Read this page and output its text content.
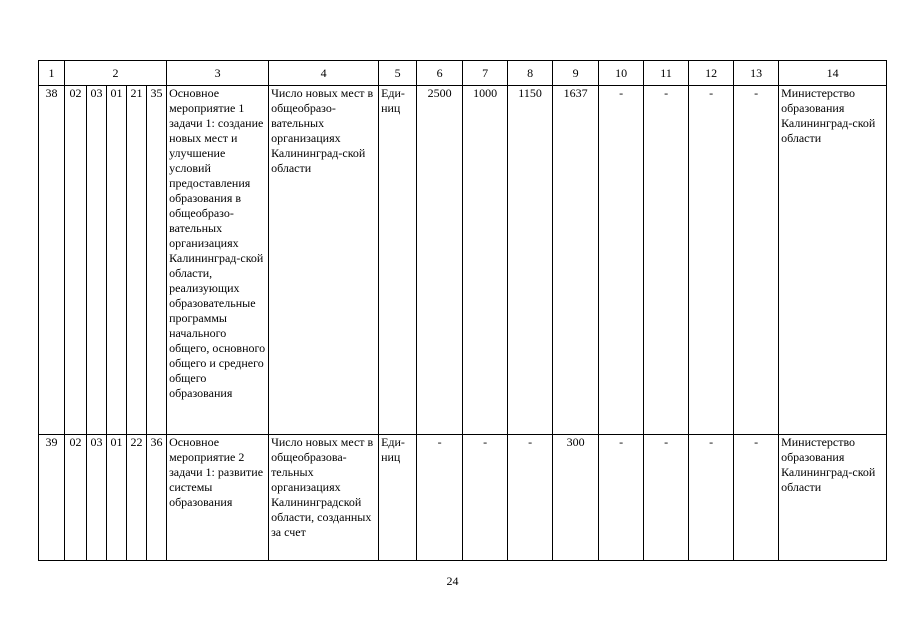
1	2					3	4	5	6	7	8	9	10	11	12	13	14
38	02	03	01	21	35	Основное мероприятие 1 задачи 1: создание новых мест и улучшение условий предоставления образования в общеобразо-вательных организациях Калининград-ской области, реализующих образовательные программы начального общего, основного общего и среднего общего образования	Число новых мест в общеобразо-вательных организациях Калининград-ской области	Еди-ниц	2500	1000	1150	1637	-	-	-	-	Министерство образования Калининград-ской области
39	02	03	01	22	36	Основное мероприятие 2 задачи 1: развитие системы образования	Число новых мест в общеобразова-тельных организациях Калининградской области, созданных за счет	Еди-ниц	-	-	-	300	-	-	-	-	Министерство образования Калининград-ской области
24
